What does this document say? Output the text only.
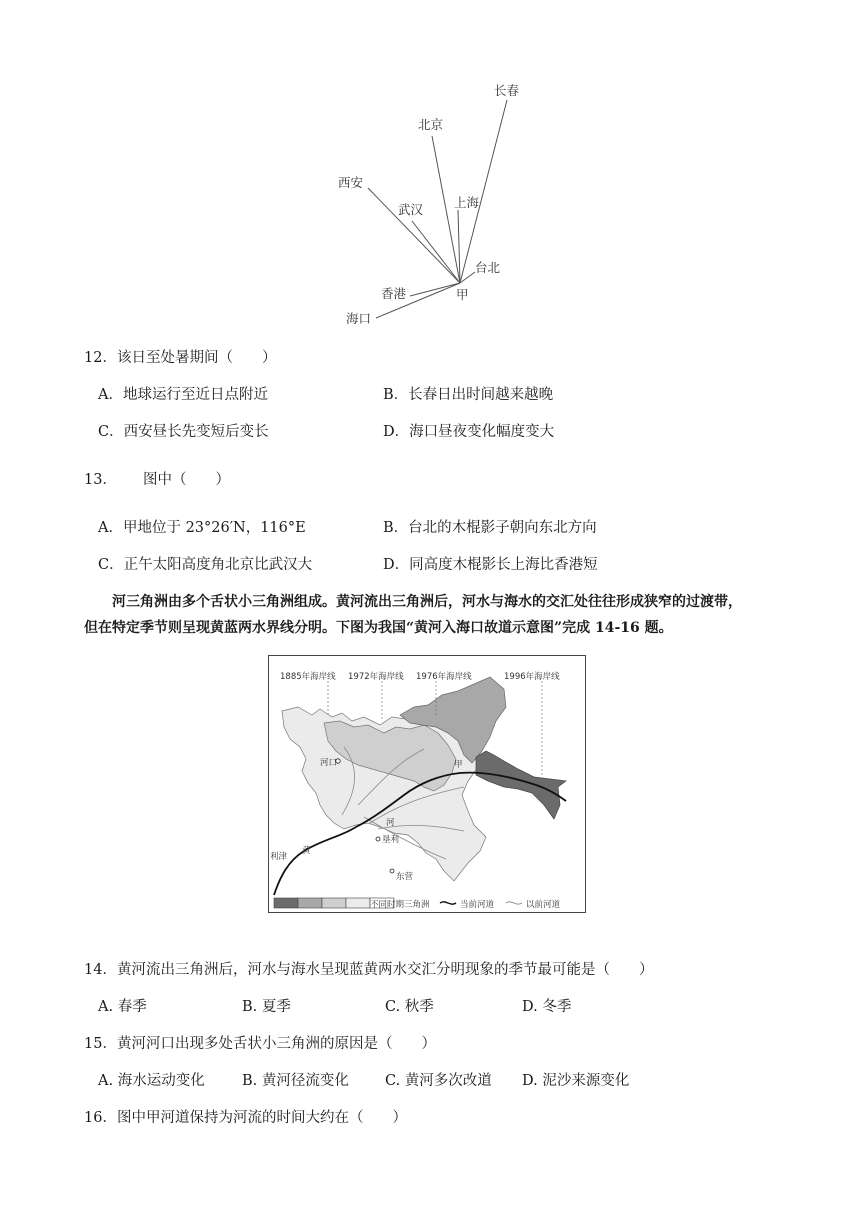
长春
北京
西安
武汉 上海
台北
香港
海口
甲
12．该日至处暑期间（　　）
A．地球运行至近日点附近	B．长春日出时间越来越晚
C．西安昼长先变短后变长	D．海口昼夜变化幅度变大
13． 图中（　　）
A．甲地位于 23°26′N，116°E	B．台北的木棍影子朝向东北方向
C．正午太阳高度角北京比武汉大	D．同高度木棍影长上海比香港短
河三角洲由多个舌状小三角洲组成。黄河流出三角洲后，河水与海水的交汇处往往形成狭窄的过渡带，
但在特定季节则呈现黄蓝两水界线分明。下图为我国“黄河入海口故道示意图”完成 14-16 题。
1885年海岸线 1972年海岸线 1976年海岸线	1996年海岸线
河口	甲
河
垦利
利津
黄
东营
不同时期三角洲	当前河道	以前河道
14．黄河流出三角洲后，河水与海水呈现蓝黄两水交汇分明现象的季节最可能是（　　）
A. 春季	B. 夏季	C. 秋季	D. 冬季
15．黄河河口出现多处舌状小三角洲的原因是（　　）
A. 海水运动变化	B. 黄河径流变化 C. 黄河多次改道 D. 泥沙来源变化
16．图中甲河道保持为河流的时间大约在（　　）
